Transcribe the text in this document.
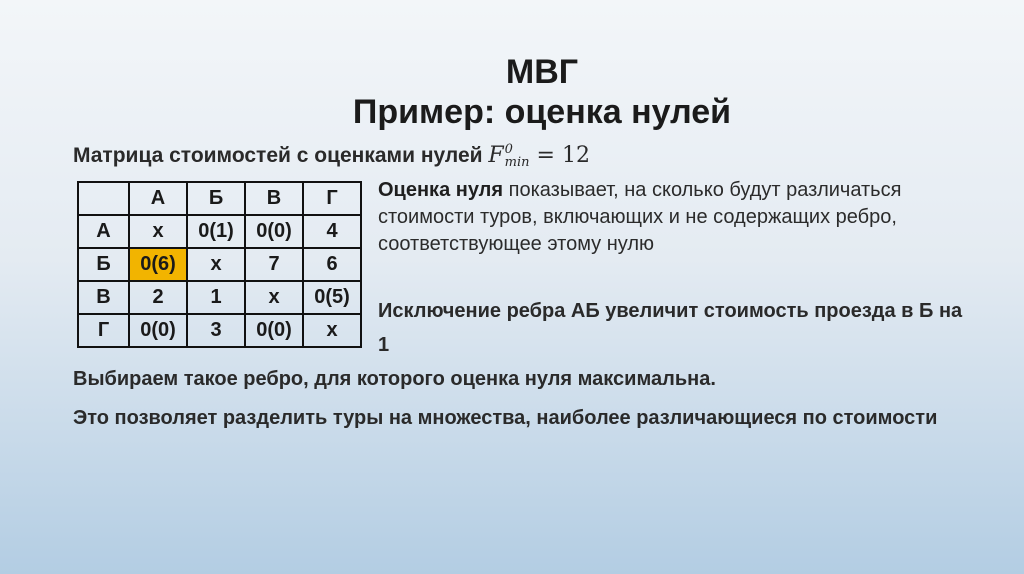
МВГ
Пример: оценка нулей
Матрица стоимостей с оценками нулей F 0
min = 12
	А	Б	В	Г
А	x	0(1)	0(0)	4
Б	0(6)	x	7	6
В	2	1	x	0(5)
Г	0(0)	3	0(0)	x
Оценка нуля показывает, на сколько будут различаться стоимости туров, включающих и не содержащих ребро, соответствующее этому нулю
Исключение ребра АБ увеличит стоимость проезда в Б на 1
Выбираем такое ребро, для которого оценка нуля максимальна.
Это позволяет разделить туры на множества, наиболее различающиеся по стоимости
